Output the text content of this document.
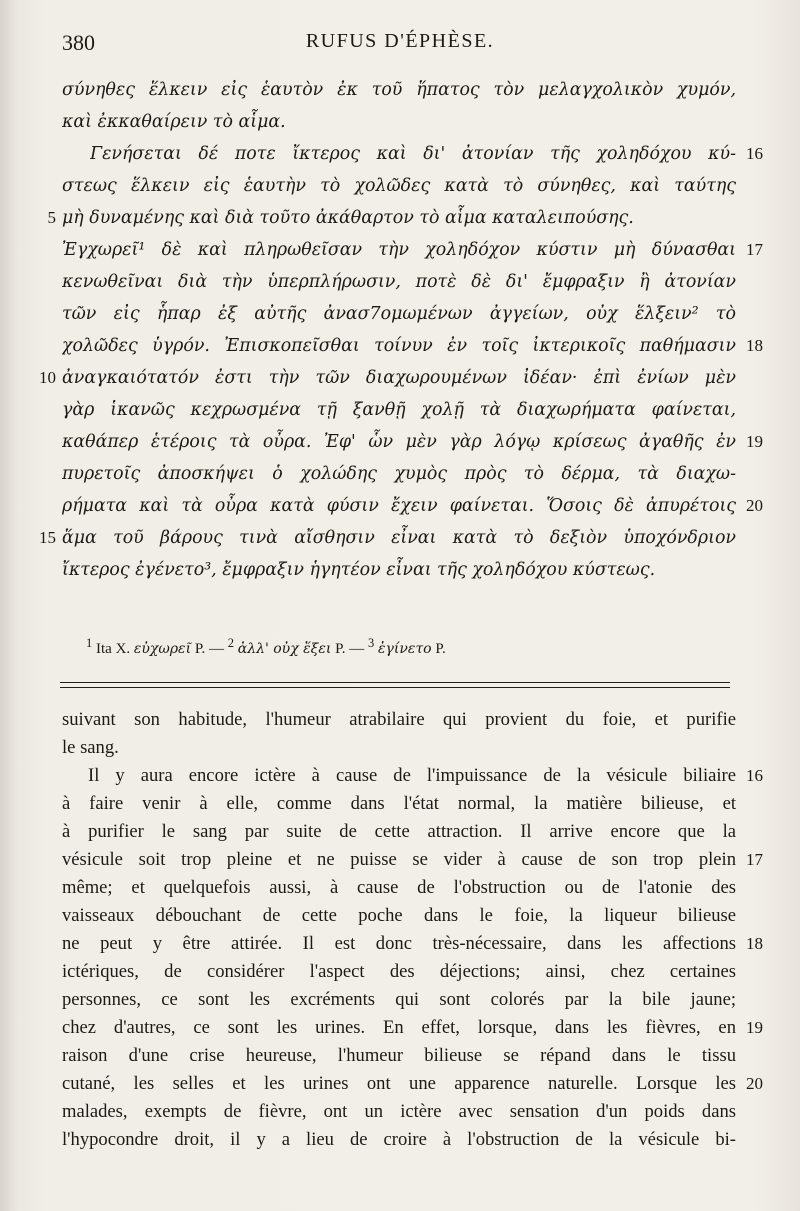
380	RUFUS D'ÉPHÈSE.
σύνηθες ἕλκειν εἰς ἑαυτὸν ἐκ τοῦ ἥπατος τὸν μελαγχολικὸν χυμόν,
καὶ ἐκκαθαίρειν τὸ αἷμα.
Γενήσεται δέ ποτε ἴκτερος καὶ δι' ἀτονίαν τῆς χοληδόχου κύ- 16
στεως ἕλκειν εἰς ἑαυτὴν τὸ χολῶδες κατὰ τὸ σύνηθες, καὶ ταύτης
μὴ δυναμένης καὶ διὰ τοῦτο ἀκάθαρτον τὸ αἷμα καταλειπούσης.
5
Ἐγχωρεῖ¹ δὲ καὶ πληρωθεῖσαν τὴν χοληδόχον κύστιν μὴ δύνασθαι 17
κενωθεῖναι διὰ τὴν ὑπερπλήρωσιν, ποτὲ δὲ δι' ἔμφραξιν ἢ ἀτονίαν
τῶν εἰς ἧπαρ ἐξ αὐτῆς ἀνασ7ομωμένων ἀγγείων, οὐχ ἕλξειν² τὸ
χολῶδες ὑγρόν. Ἐπισκοπεῖσθαι τοίνυν ἐν τοῖς ἰκτερικοῖς παθήμασιν 18
ἀναγκαιότατόν ἐστι τὴν τῶν διαχωρουμένων ἰδέαν· ἐπὶ ἐνίων μὲν
10
γὰρ ἱκανῶς κεχρωσμένα τῇ ξανθῇ χολῇ τὰ διαχωρήματα φαίνεται,
καθάπερ ἑτέροις τὰ οὖρα. Ἐφ' ὧν μὲν γὰρ λόγῳ κρίσεως ἀγαθῆς ἐν 19
πυρετοῖς ἀποσκήψει ὁ χολώδης χυμὸς πρὸς τὸ δέρμα, τὰ διαχω-
ρήματα καὶ τὰ οὖρα κατὰ φύσιν ἔχειν φαίνεται. Ὅσοις δὲ ἀπυρέτοις 20
ἅμα τοῦ βάρους τινὰ αἴσθησιν εἶναι κατὰ τὸ δεξιὸν ὑποχόνδριον
15
ἴκτερος ἐγένετο³, ἔμφραξιν ἡγητέον εἶναι τῆς χοληδόχου κύστεως.
$^1$ Ita X. εὐχωρεῖ P. — $^2$ ἀλλ' οὐχ ἕξει P. — $^3$ ἐγίνετο P.
suivant son habitude, l'humeur atrabilaire qui provient du foie, et purifie
le sang.
Il y aura encore ictère à cause de l'impuissance de la vésicule biliaire 16
à faire venir à elle, comme dans l'état normal, la matière bilieuse, et
à purifier le sang par suite de cette attraction. Il arrive encore que la
vésicule soit trop pleine et ne puisse se vider à cause de son trop plein 17
même; et quelquefois aussi, à cause de l'obstruction ou de l'atonie des
vaisseaux débouchant de cette poche dans le foie, la liqueur bilieuse
ne peut y être attirée. Il est donc très-nécessaire, dans les affections 18
ictériques, de considérer l'aspect des déjections; ainsi, chez certaines
personnes, ce sont les excréments qui sont colorés par la bile jaune;
chez d'autres, ce sont les urines. En effet, lorsque, dans les fièvres, en 19
raison d'une crise heureuse, l'humeur bilieuse se répand dans le tissu
cutané, les selles et les urines ont une apparence naturelle. Lorsque les 20
malades, exempts de fièvre, ont un ictère avec sensation d'un poids dans
l'hypocondre droit, il y a lieu de croire à l'obstruction de la vésicule bi-
